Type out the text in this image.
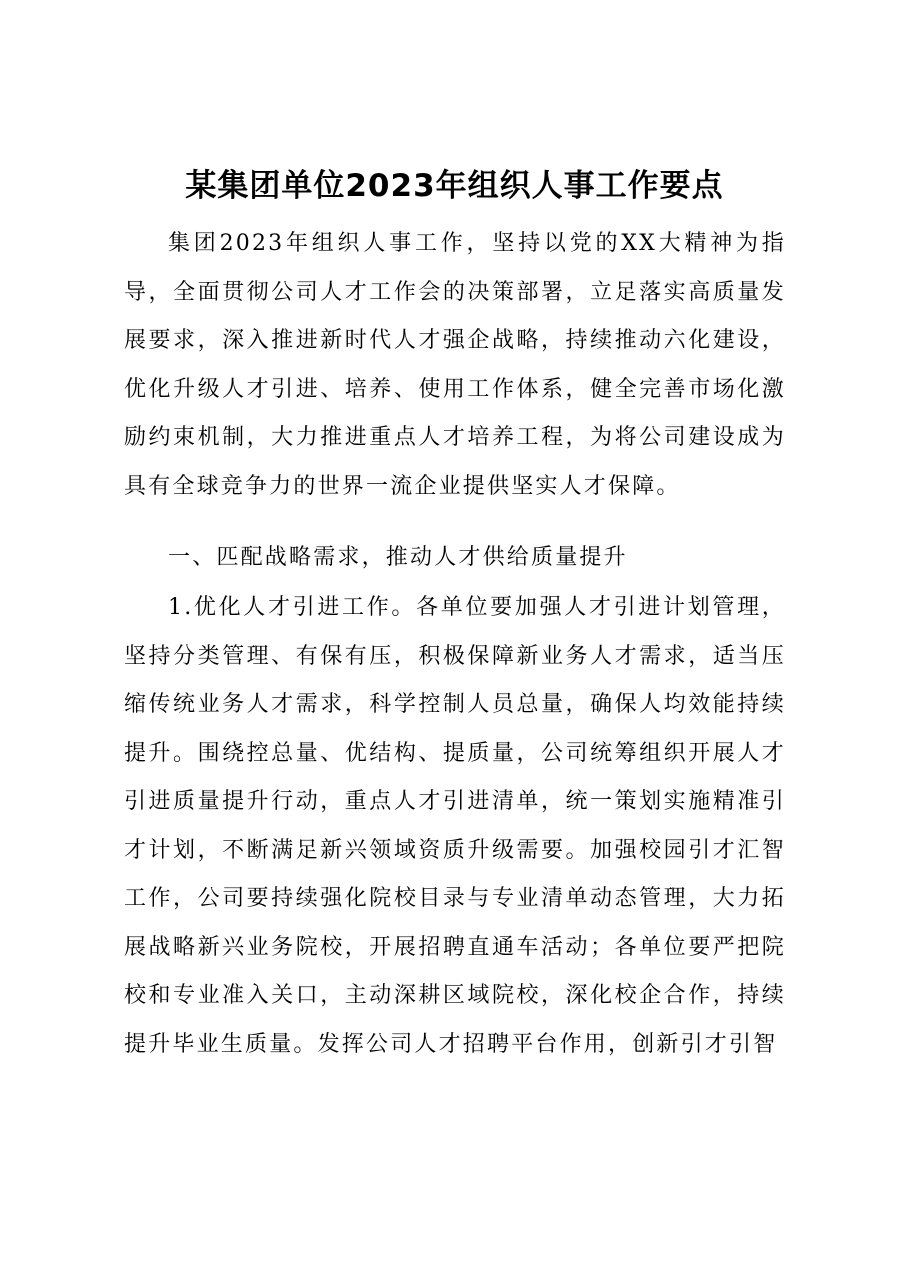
某集团单位2023年组织人事工作要点

集团2023年组织人事工作，坚持以党的XX大精神为指导，全面贯彻公司人才工作会的决策部署，立足落实高质量发展要求，深入推进新时代人才强企战略，持续推动六化建设，优化升级人才引进、培养、使用工作体系，健全完善市场化激励约束机制，大力推进重点人才培养工程，为将公司建设成为具有全球竞争力的世界一流企业提供坚实人才保障。

一、匹配战略需求，推动人才供给质量提升

1.优化人才引进工作。各单位要加强人才引进计划管理，坚持分类管理、有保有压，积极保障新业务人才需求，适当压缩传统业务人才需求，科学控制人员总量，确保人均效能持续提升。围绕控总量、优结构、提质量，公司统筹组织开展人才引进质量提升行动，重点人才引进清单，统一策划实施精准引才计划，不断满足新兴领域资质升级需要。加强校园引才汇智工作，公司要持续强化院校目录与专业清单动态管理，大力拓展战略新兴业务院校，开展招聘直通车活动；各单位要严把院校和专业准入关口，主动深耕区域院校，深化校企合作，持续提升毕业生质量。发挥公司人才招聘平台作用，创新引才引智
